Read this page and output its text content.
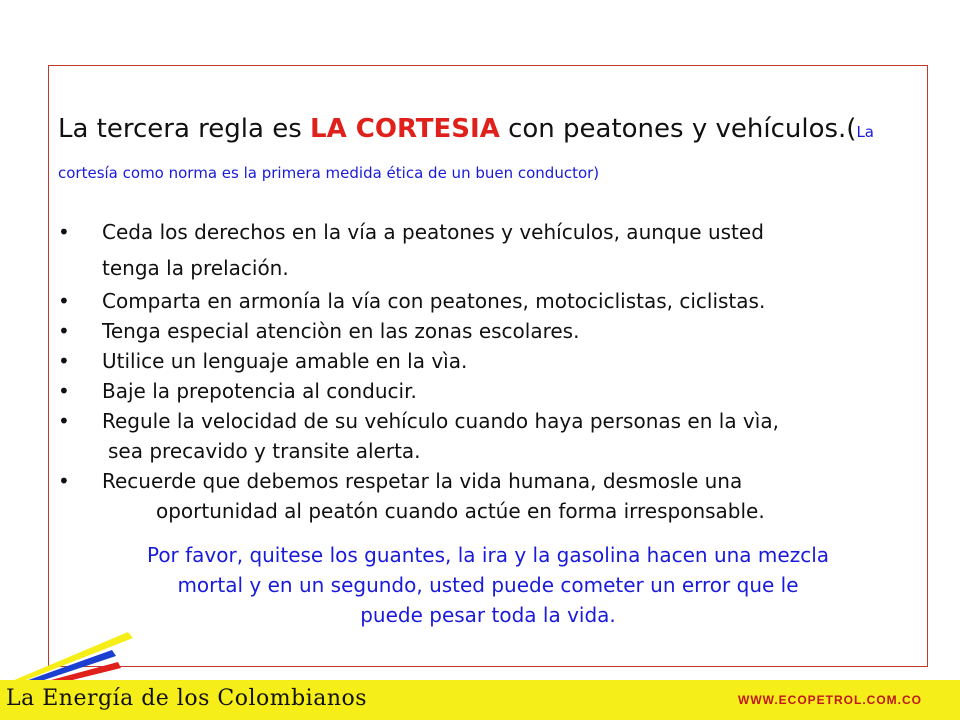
La tercera regla es LA CORTESIA con peatones y vehículos.(La cortesía como norma es la primera medida ética de un buen conductor)
•	Ceda los derechos en la vía a peatones y vehículos, aunque usted
tenga la prelación.
•	Comparta en armonía la vía con peatones, motociclistas, ciclistas.
•	Tenga especial atenciòn en las zonas escolares.
•	Utilice un lenguaje amable en la vìa.
•	Baje la prepotencia al conducir.
•	Regule la velocidad de su vehículo cuando haya personas en la vìa,
sea precavido y transite alerta.
•	Recuerde que debemos respetar la vida humana, desmosle una
oportunidad al peatón cuando actúe en forma irresponsable.
Por favor, quitese los guantes, la ira y la gasolina hacen una mezcla
mortal y en un segundo, usted puede cometer un error que le
puede pesar toda la vida.
La Energía de los Colombianos	WWW.ECOPETROL.COM.CO
